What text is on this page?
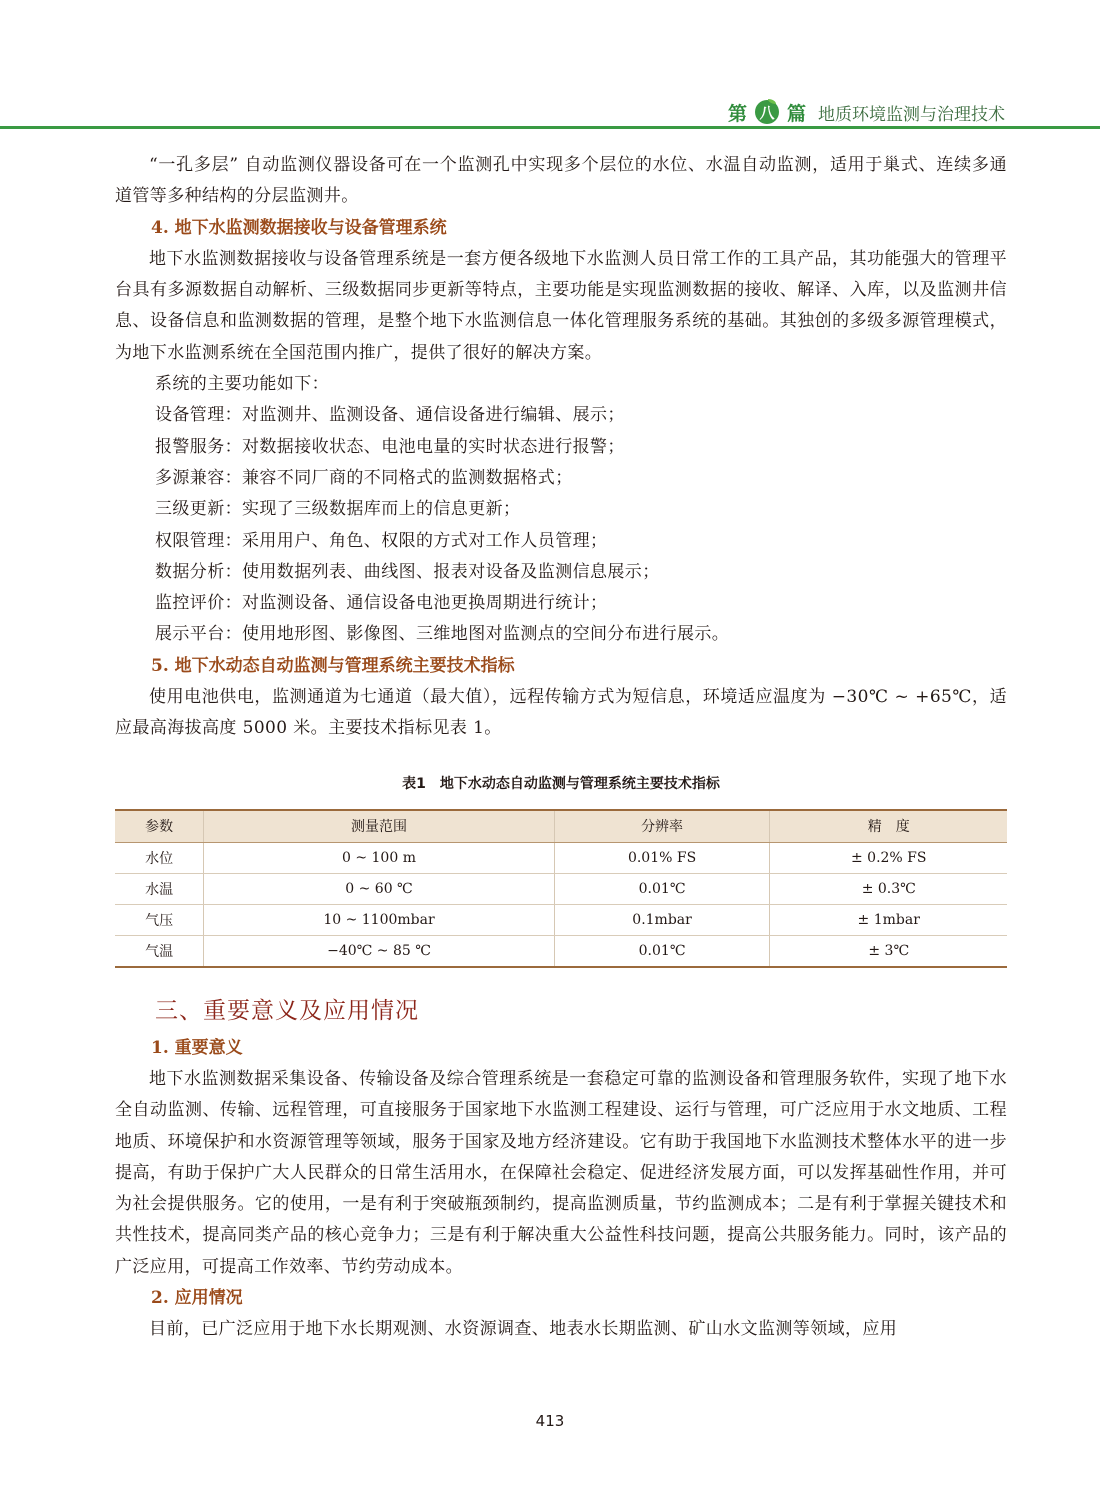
第 八 篇 地质环境监测与治理技术

“一孔多层” 自动监测仪器设备可在一个监测孔中实现多个层位的水位、水温自动监测，适用于巢式、连续多通道管等多种结构的分层监测井。

4. 地下水监测数据接收与设备管理系统

地下水监测数据接收与设备管理系统是一套方便各级地下水监测人员日常工作的工具产品，其功能强大的管理平台具有多源数据自动解析、三级数据同步更新等特点，主要功能是实现监测数据的接收、解译、入库，以及监测井信息、设备信息和监测数据的管理，是整个地下水监测信息一体化管理服务系统的基础。其独创的多级多源管理模式，为地下水监测系统在全国范围内推广，提供了很好的解决方案。

系统的主要功能如下：

设备管理：对监测井、监测设备、通信设备进行编辑、展示；

报警服务：对数据接收状态、电池电量的实时状态进行报警；

多源兼容：兼容不同厂商的不同格式的监测数据格式；

三级更新：实现了三级数据库而上的信息更新；

权限管理：采用用户、角色、权限的方式对工作人员管理；

数据分析：使用数据列表、曲线图、报表对设备及监测信息展示；

监控评价：对监测设备、通信设备电池更换周期进行统计；

展示平台：使用地形图、影像图、三维地图对监测点的空间分布进行展示。

5. 地下水动态自动监测与管理系统主要技术指标

使用电池供电，监测通道为七通道（最大值），远程传输方式为短信息，环境适应温度为 −30℃ ~ +65℃，适应最高海拔高度 5000 米。主要技术指标见表 1。

表1　地下水动态自动监测与管理系统主要技术指标
参数	测量范围	分辨率	精　度
水位	0 ~ 100 m	0.01% FS	± 0.2% FS
水温	0 ~ 60 ℃	0.01℃	± 0.3℃
气压	10 ~ 1100mbar	0.1mbar	± 1mbar
气温	−40℃ ~ 85 ℃	0.01℃	± 3℃
三、重要意义及应用情况
1. 重要意义

地下水监测数据采集设备、传输设备及综合管理系统是一套稳定可靠的监测设备和管理服务软件，实现了地下水全自动监测、传输、远程管理，可直接服务于国家地下水监测工程建设、运行与管理，可广泛应用于水文地质、工程地质、环境保护和水资源管理等领域，服务于国家及地方经济建设。它有助于我国地下水监测技术整体水平的进一步提高，有助于保护广大人民群众的日常生活用水，在保障社会稳定、促进经济发展方面，可以发挥基础性作用，并可为社会提供服务。它的使用，一是有利于突破瓶颈制约，提高监测质量，节约监测成本；二是有利于掌握关键技术和共性技术，提高同类产品的核心竞争力；三是有利于解决重大公益性科技问题，提高公共服务能力。同时，该产品的广泛应用，可提高工作效率、节约劳动成本。

2. 应用情况

目前，已广泛应用于地下水长期观测、水资源调查、地表水长期监测、矿山水文监测等领域，应用

413
